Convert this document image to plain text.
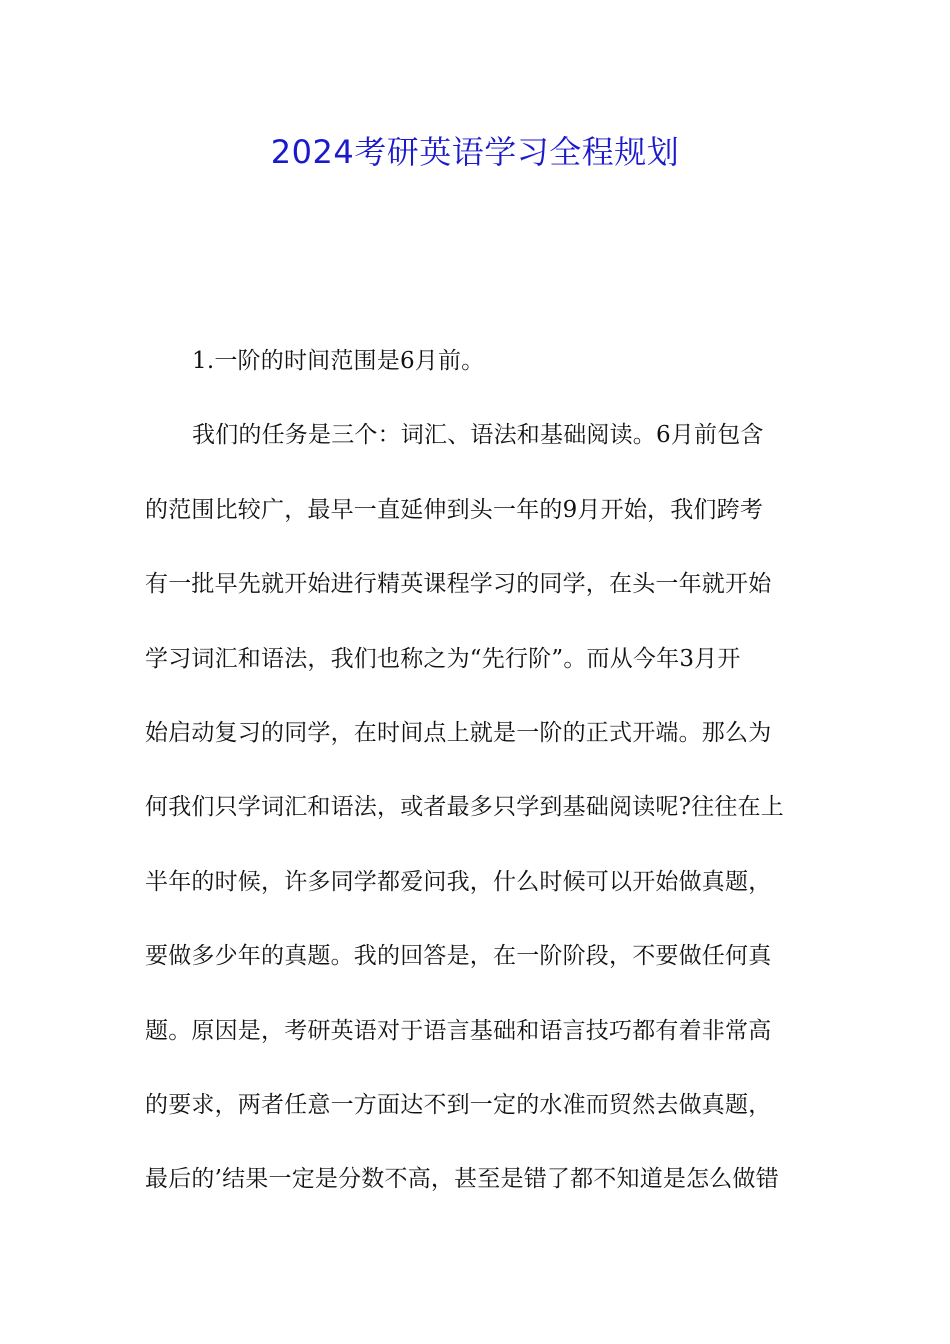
2024考研英语学习全程规划
1.一阶的时间范围是6月前。
我们的任务是三个：词汇、语法和基础阅读。6月前包含
的范围比较广，最早一直延伸到头一年的9月开始，我们跨考
有一批早先就开始进行精英课程学习的同学，在头一年就开始
学习词汇和语法，我们也称之为“先行阶”。而从今年3月开
始启动复习的同学，在时间点上就是一阶的正式开端。那么为
何我们只学词汇和语法，或者最多只学到基础阅读呢?往往在上
半年的时候，许多同学都爱问我，什么时候可以开始做真题，
要做多少年的真题。我的回答是，在一阶阶段，不要做任何真
题。原因是，考研英语对于语言基础和语言技巧都有着非常高
的要求，两者任意一方面达不到一定的水准而贸然去做真题，
最后的’结果一定是分数不高，甚至是错了都不知道是怎么做错
